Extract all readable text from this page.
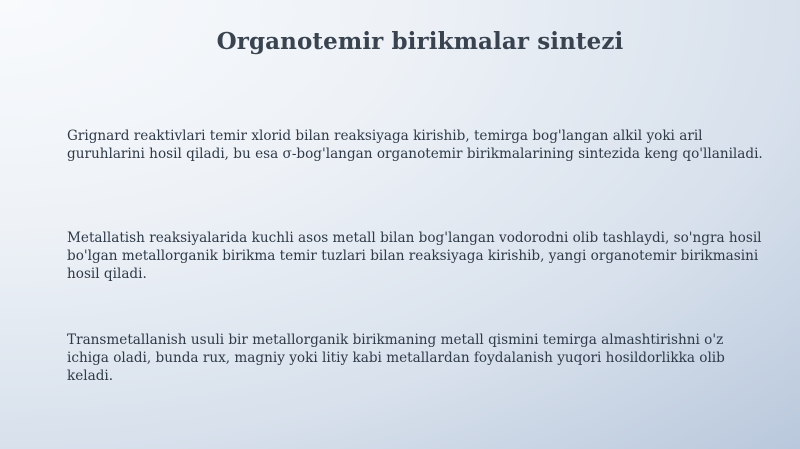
Organotemir birikmalar sintezi

Grignard reaktivlari temir xlorid bilan reaksiyaga kirishib, temirga bog'langan alkil yoki aril guruhlarini hosil qiladi, bu esa σ-bog'langan organotemir birikmalarining sintezida keng qo'llaniladi.

Metallatish reaksiyalarida kuchli asos metall bilan bog'langan vodorodni olib tashlaydi, so'ngra hosil bo'lgan metallorganik birikma temir tuzlari bilan reaksiyaga kirishib, yangi organotemir birikmasini hosil qiladi.

Transmetallanish usuli bir metallorganik birikmaning metall qismini temirga almashtirishni o'z ichiga oladi, bunda rux, magniy yoki litiy kabi metallardan foydalanish yuqori hosildorlikka olib keladi.
